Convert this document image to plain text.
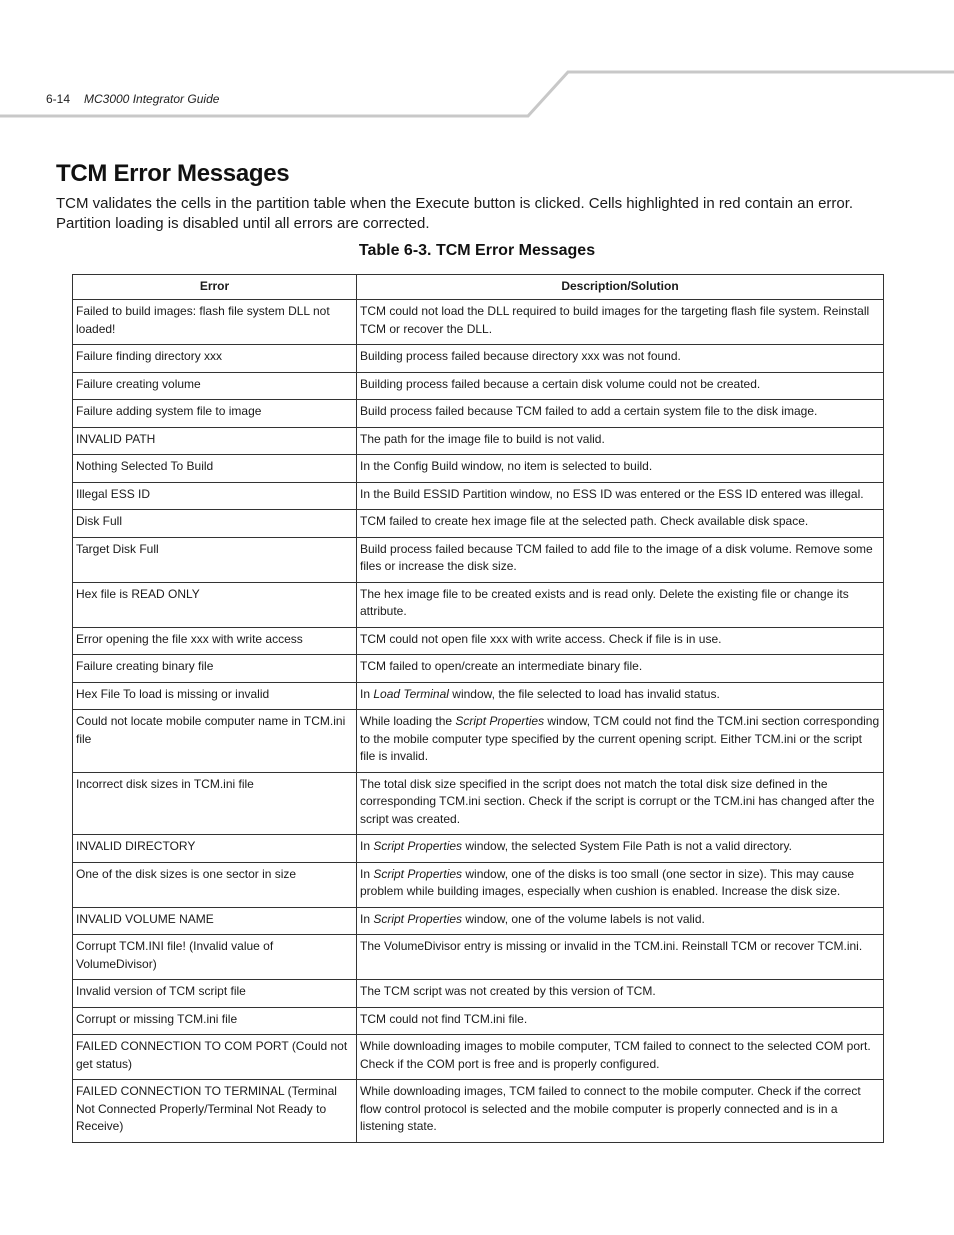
6-14 MC3000 Integrator Guide
TCM Error Messages

TCM validates the cells in the partition table when the Execute button is clicked. Cells highlighted in red contain an error. Partition loading is disabled until all errors are corrected.

Table 6-3. TCM Error Messages
Error	Description/Solution
Failed to build images: flash file system DLL not loaded!	TCM could not load the DLL required to build images for the targeting flash file system. Reinstall TCM or recover the DLL.
Failure finding directory xxx	Building process failed because directory xxx was not found.
Failure creating volume	Building process failed because a certain disk volume could not be created.
Failure adding system file to image	Build process failed because TCM failed to add a certain system file to the disk image.
INVALID PATH	The path for the image file to build is not valid.
Nothing Selected To Build	In the Config Build window, no item is selected to build.
Illegal ESS ID	In the Build ESSID Partition window, no ESS ID was entered or the ESS ID entered was illegal.
Disk Full	TCM failed to create hex image file at the selected path. Check available disk space.
Target Disk Full	Build process failed because TCM failed to add file to the image of a disk volume. Remove some files or increase the disk size.
Hex file is READ ONLY	The hex image file to be created exists and is read only. Delete the existing file or change its attribute.
Error opening the file xxx with write access	TCM could not open file xxx with write access. Check if file is in use.
Failure creating binary file	TCM failed to open/create an intermediate binary file.
Hex File To load is missing or invalid	In Load Terminal window, the file selected to load has invalid status.
Could not locate mobile computer name in TCM.ini file	While loading the Script Properties window, TCM could not find the TCM.ini section corresponding to the mobile computer type specified by the current opening script. Either TCM.ini or the script file is invalid.
Incorrect disk sizes in TCM.ini file	The total disk size specified in the script does not match the total disk size defined in the corresponding TCM.ini section. Check if the script is corrupt or the TCM.ini has changed after the script was created.
INVALID DIRECTORY	In Script Properties window, the selected System File Path is not a valid directory.
One of the disk sizes is one sector in size	In Script Properties window, one of the disks is too small (one sector in size). This may cause problem while building images, especially when cushion is enabled. Increase the disk size.
INVALID VOLUME NAME	In Script Properties window, one of the volume labels is not valid.
Corrupt TCM.INI file! (Invalid value of VolumeDivisor)	The VolumeDivisor entry is missing or invalid in the TCM.ini. Reinstall TCM or recover TCM.ini.
Invalid version of TCM script file	The TCM script was not created by this version of TCM.
Corrupt or missing TCM.ini file	TCM could not find TCM.ini file.
FAILED CONNECTION TO COM PORT (Could not get status)	While downloading images to mobile computer, TCM failed to connect to the selected COM port. Check if the COM port is free and is properly configured.
FAILED CONNECTION TO TERMINAL (Terminal Not Connected Properly/Terminal Not Ready to Receive)	While downloading images, TCM failed to connect to the mobile computer. Check if the correct flow control protocol is selected and the mobile computer is properly connected and is in a listening state.
